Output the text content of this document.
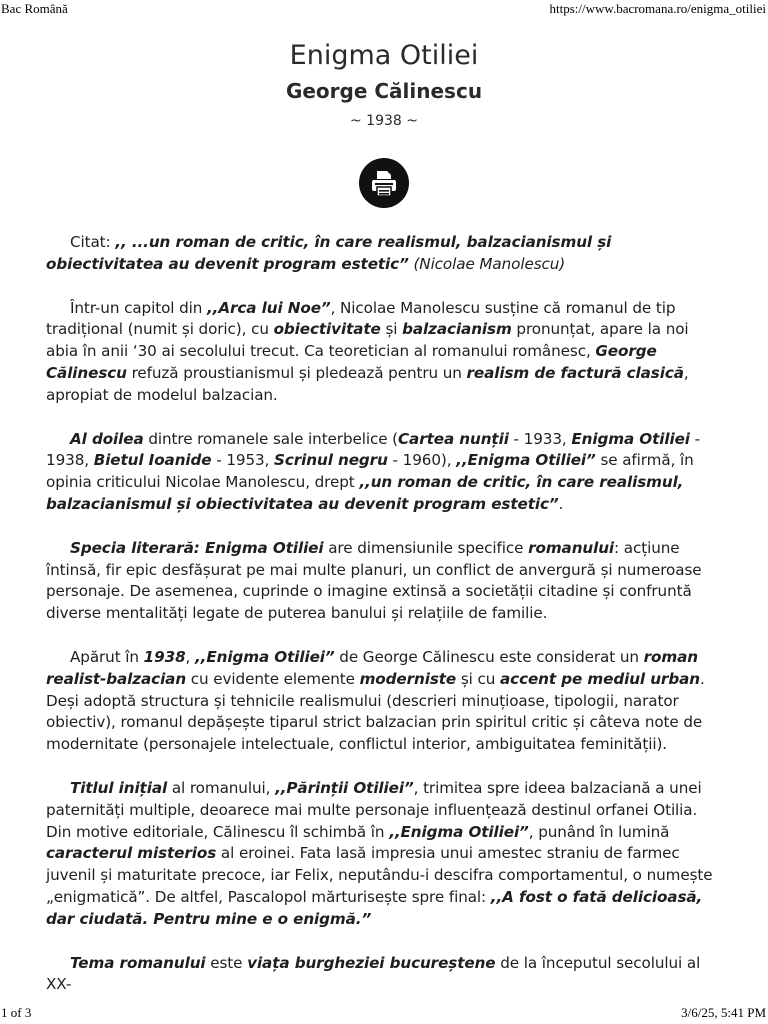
Bac Română	https://www.bacromana.ro/enigma_otiliei
Enigma Otiliei
George Călinescu
~ 1938 ~

Citat: ,, ...un roman de critic, în care realismul, balzacianismul și obiectivitatea au devenit program estetic” (Nicolae Manolescu)

Într-un capitol din ,,Arca lui Noe”, Nicolae Manolescu susține că romanul de tip tradițional (numit și doric), cu obiectivitate și balzacianism pronunțat, apare la noi abia în anii ‘30 ai secolului trecut. Ca teoretician al romanului românesc, George Călinescu refuză proustianismul și pledează pentru un realism de factură clasică, apropiat de modelul balzacian.

Al doilea dintre romanele sale interbelice (Cartea nunții - 1933, Enigma Otiliei - 1938, Bietul Ioanide - 1953, Scrinul negru - 1960), ,,Enigma Otiliei” se afirmă, în opinia criticului Nicolae Manolescu, drept ,,un roman de critic, în care realismul, balzacianismul și obiectivitatea au devenit program estetic”.

Specia literară: Enigma Otiliei are dimensiunile specifice romanului: acțiune întinsă, fir epic desfășurat pe mai multe planuri, un conflict de anvergură și numeroase personaje. De asemenea, cuprinde o imagine extinsă a societății citadine și confruntă diverse mentalități legate de puterea banului și relațiile de familie.

Apărut în 1938, ,,Enigma Otiliei” de George Călinescu este considerat un roman realist-balzacian cu evidente elemente moderniste și cu accent pe mediul urban. Deși adoptă structura și tehnicile realismului (descrieri minuțioase, tipologii, narator obiectiv), romanul depășește tiparul strict balzacian prin spiritul critic și câteva note de modernitate (personajele intelectuale, conflictul interior, ambiguitatea feminității).

Titlul inițial al romanului, ,,Părinții Otiliei”, trimitea spre ideea balzaciană a unei paternități multiple, deoarece mai multe personaje influențează destinul orfanei Otilia. Din motive editoriale, Călinescu îl schimbă în ,,Enigma Otiliei”, punând în lumină caracterul misterios al eroinei. Fata lasă impresia unui amestec straniu de farmec juvenil și maturitate precoce, iar Felix, neputându-i descifra comportamentul, o numește „enigmatică”. De altfel, Pascalopol mărturisește spre final: ,,A fost o fată delicioasă, dar ciudată. Pentru mine e o enigmă.”

Tema romanului este viața burgheziei bucureștene de la începutul secolului al XX-

1 of 3	3/6/25, 5:41 PM
